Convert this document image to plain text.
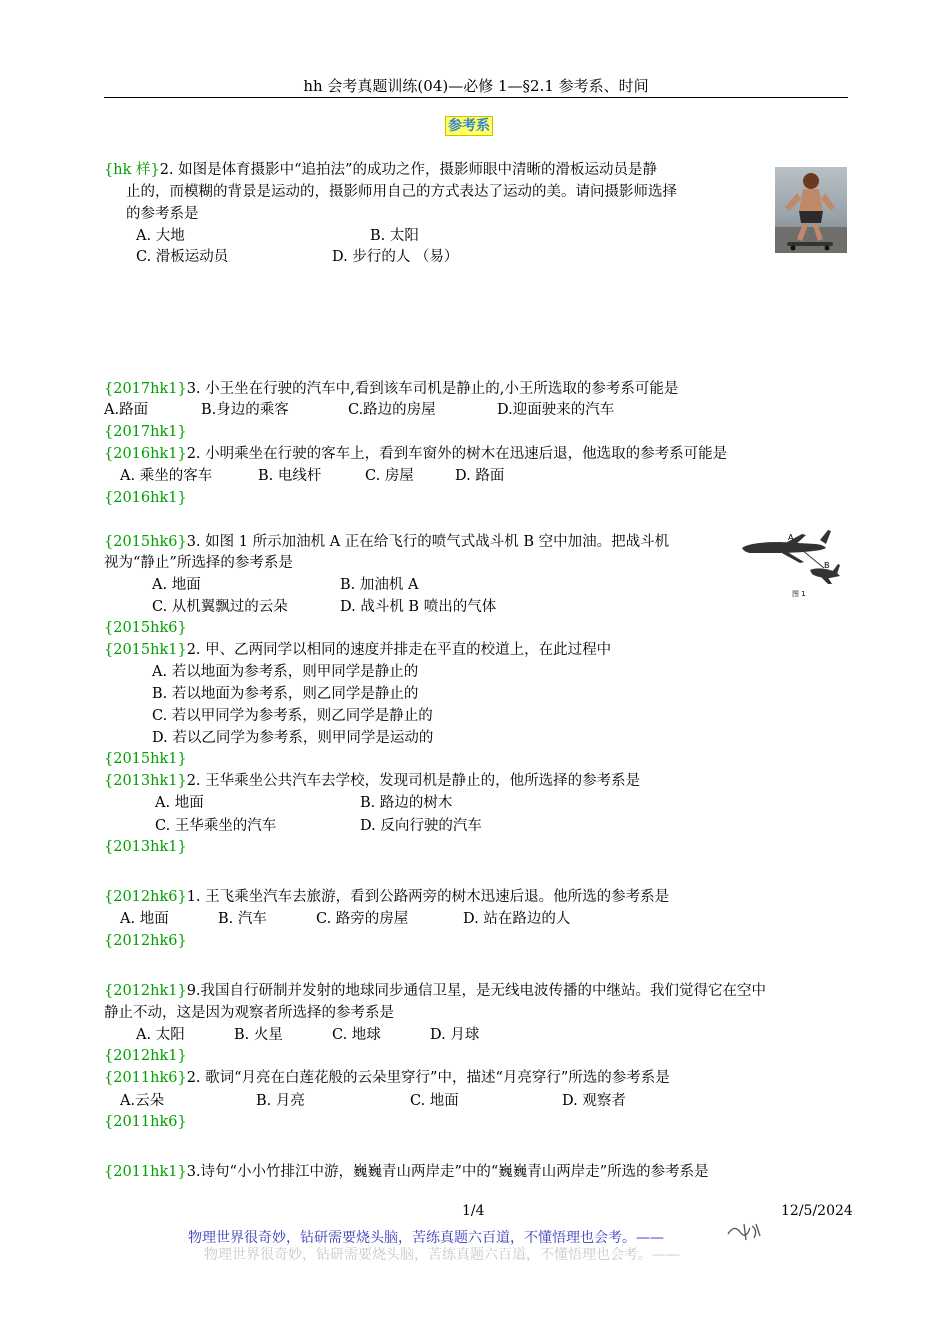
hh 会考真题训练(04)—必修 1—§2.1 参考系、时间
参考系
{hk 样}2. 如图是体育摄影中“追拍法”的成功之作，摄影师眼中清晰的滑板运动员是静
止的，而模糊的背景是运动的，摄影师用自己的方式表达了运动的美。请问摄影师选择
的参考系是
A. 大地	B. 太阳
C. 滑板运动员	D. 步行的人 （易）
{2017hk1}3. 小王坐在行驶的汽车中,看到该车司机是静止的,小王所选取的参考系可能是
A.路面	B.身边的乘客	C.路边的房屋	D.迎面驶来的汽车
{2017hk1}
{2016hk1}2. 小明乘坐在行驶的客车上，看到车窗外的树木在迅速后退，他选取的参考系可能是
A. 乘坐的客车	B. 电线杆	C. 房屋	D. 路面
{2016hk1}
{2015hk6}3. 如图 1 所示加油机 A 正在给飞行的喷气式战斗机 B 空中加油。把战斗机
视为“静止”所选择的参考系是
A. 地面	B. 加油机 A
C. 从机翼飘过的云朵	D. 战斗机 B 喷出的气体
{2015hk6}
A
B
图 1
{2015hk1}2. 甲、乙两同学以相同的速度并排走在平直的校道上，在此过程中
A. 若以地面为参考系，则甲同学是静止的
B. 若以地面为参考系，则乙同学是静止的
C. 若以甲同学为参考系，则乙同学是静止的
D. 若以乙同学为参考系，则甲同学是运动的
{2015hk1}
{2013hk1}2. 王华乘坐公共汽车去学校，发现司机是静止的，他所选择的参考系是
A. 地面	B. 路边的树木
C. 王华乘坐的汽车	D. 反向行驶的汽车
{2013hk1}
{2012hk6}1. 王飞乘坐汽车去旅游，看到公路两旁的树木迅速后退。他所选的参考系是
A. 地面	B. 汽车	C. 路旁的房屋	D. 站在路边的人
{2012hk6}
{2012hk1}9.我国自行研制并发射的地球同步通信卫星，是无线电波传播的中继站。我们觉得它在空中
静止不动，这是因为观察者所选择的参考系是
A. 太阳	B. 火星	C. 地球	D. 月球
{2012hk1}
{2011hk6}2. 歌词“月亮在白莲花般的云朵里穿行”中，描述“月亮穿行”所选的参考系是
A.云朵	B. 月亮	C. 地面	D. 观察者
{2011hk6}
{2011hk1}3.诗句“小小竹排江中游，巍巍青山两岸走”中的“巍巍青山两岸走”所选的参考系是
1/4	12/5/2024
物理世界很奇妙，钻研需要烧头脑，苦练真题六百道，不懂悟理也会考。——
物理世界很奇妙，钻研需要烧头脑，苦练真题六百道，不懂悟理也会考。——
